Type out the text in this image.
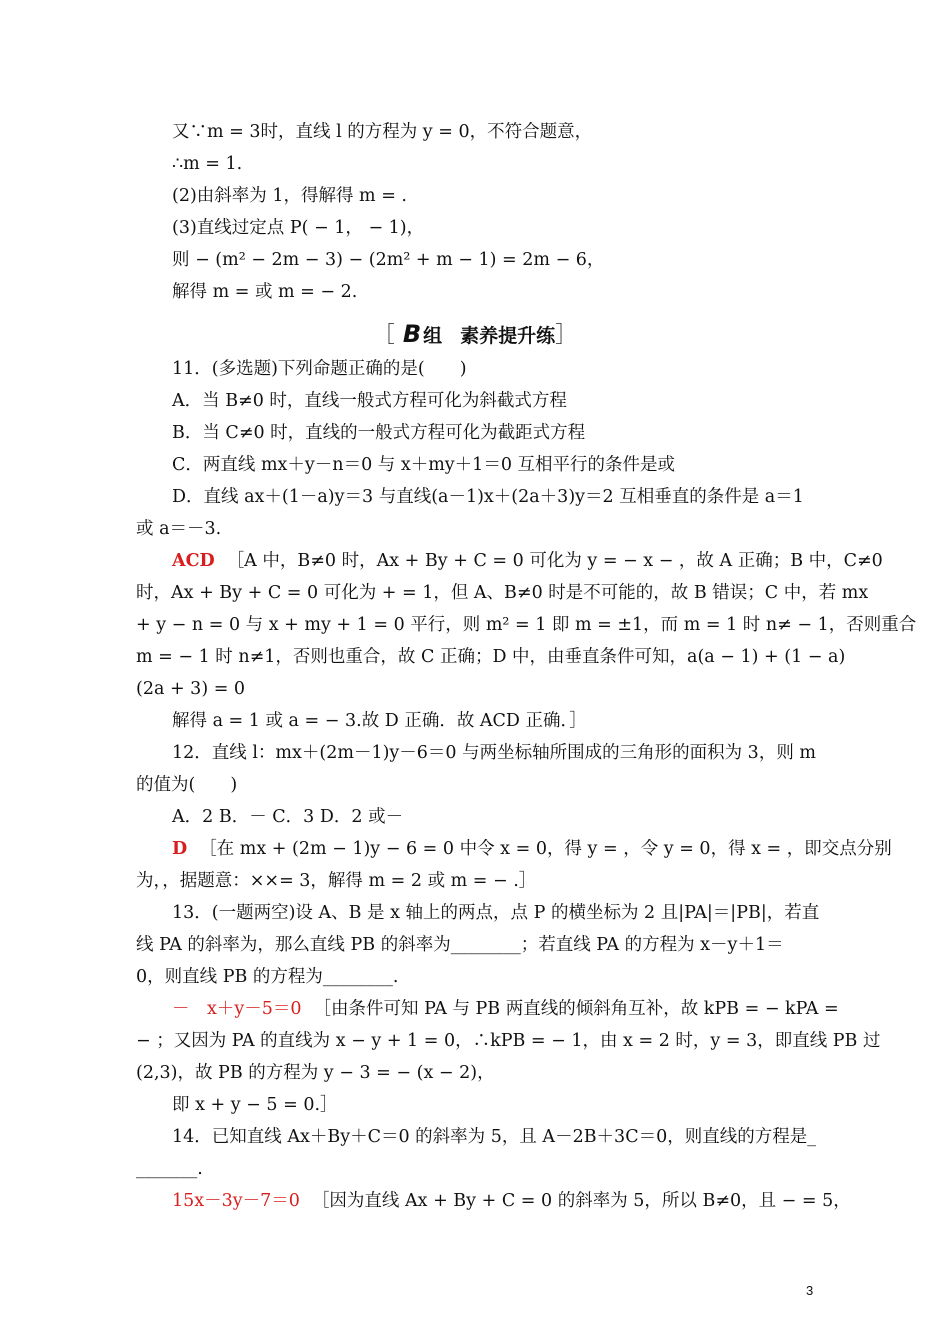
又∵m = 3时，直线 l 的方程为 y = 0，不符合题意，
∴m = 1.
(2)由斜率为 1，得解得 m = .
(3)直线过定点 P( − 1， − 1)，
则 − (m² − 2m − 3) − (2m² + m − 1) = 2m − 6，
解得 m = 或 m = − 2.
［ B 组 素养提升练］
11．(多选题)下列命题正确的是(　　)
A．当 B≠0 时，直线一般式方程可化为斜截式方程
B．当 C≠0 时，直线的一般式方程可化为截距式方程
C．两直线 mx＋y－n＝0 与 x＋my＋1＝0 互相平行的条件是或
D．直线 ax＋(1－a)y＝3 与直线(a－1)x＋(2a＋3)y＝2 互相垂直的条件是 a＝1
或 a＝－3.
ACD ［A 中，B≠0 时，Ax + By + C = 0 可化为 y = − x − ，故 A 正确；B 中，C≠0
时，Ax + By + C = 0 可化为 + = 1，但 A、B≠0 时是不可能的，故 B 错误；C 中，若 mx
+ y − n = 0 与 x + my + 1 = 0 平行，则 m² = 1 即 m = ±1，而 m = 1 时 n≠ − 1，否则重合
m = − 1 时 n≠1，否则也重合，故 C 正确；D 中，由垂直条件可知，a(a − 1) + (1 − a)
(2a + 3) = 0
解得 a = 1 或 a = − 3.故 D 正确．故 ACD 正确．］
12．直线 l：mx＋(2m－1)y－6＝0 与两坐标轴所围成的三角形的面积为 3，则 m
的值为(　　)
A．2 B．－ C．3 D．2 或－
D ［在 mx + (2m − 1)y − 6 = 0 中令 x = 0，得 y = ，令 y = 0，得 x = ，即交点分别
为，，据题意：××= 3，解得 m = 2 或 m = − .］
13．(一题两空)设 A、B 是 x 轴上的两点，点 P 的横坐标为 2 且|PA|＝|PB|，若直
线 PA 的斜率为，那么直线 PB 的斜率为________；若直线 PA 的方程为 x－y＋1＝
0，则直线 PB 的方程为________.
－　x＋y－5＝0 ［由条件可知 PA 与 PB 两直线的倾斜角互补，故 kPB = − kPA =
− ；又因为 PA 的直线为 x − y + 1 = 0，∴kPB = − 1，由 x = 2 时，y = 3，即直线 PB 过
(2,3)，故 PB 的方程为 y − 3 = − (x − 2)，
即 x + y − 5 = 0.］
14．已知直线 Ax＋By＋C＝0 的斜率为 5，且 A－2B＋3C＝0，则直线的方程是_
_______.
15x－3y－7＝0 ［因为直线 Ax + By + C = 0 的斜率为 5，所以 B≠0，且 − = 5，
3
